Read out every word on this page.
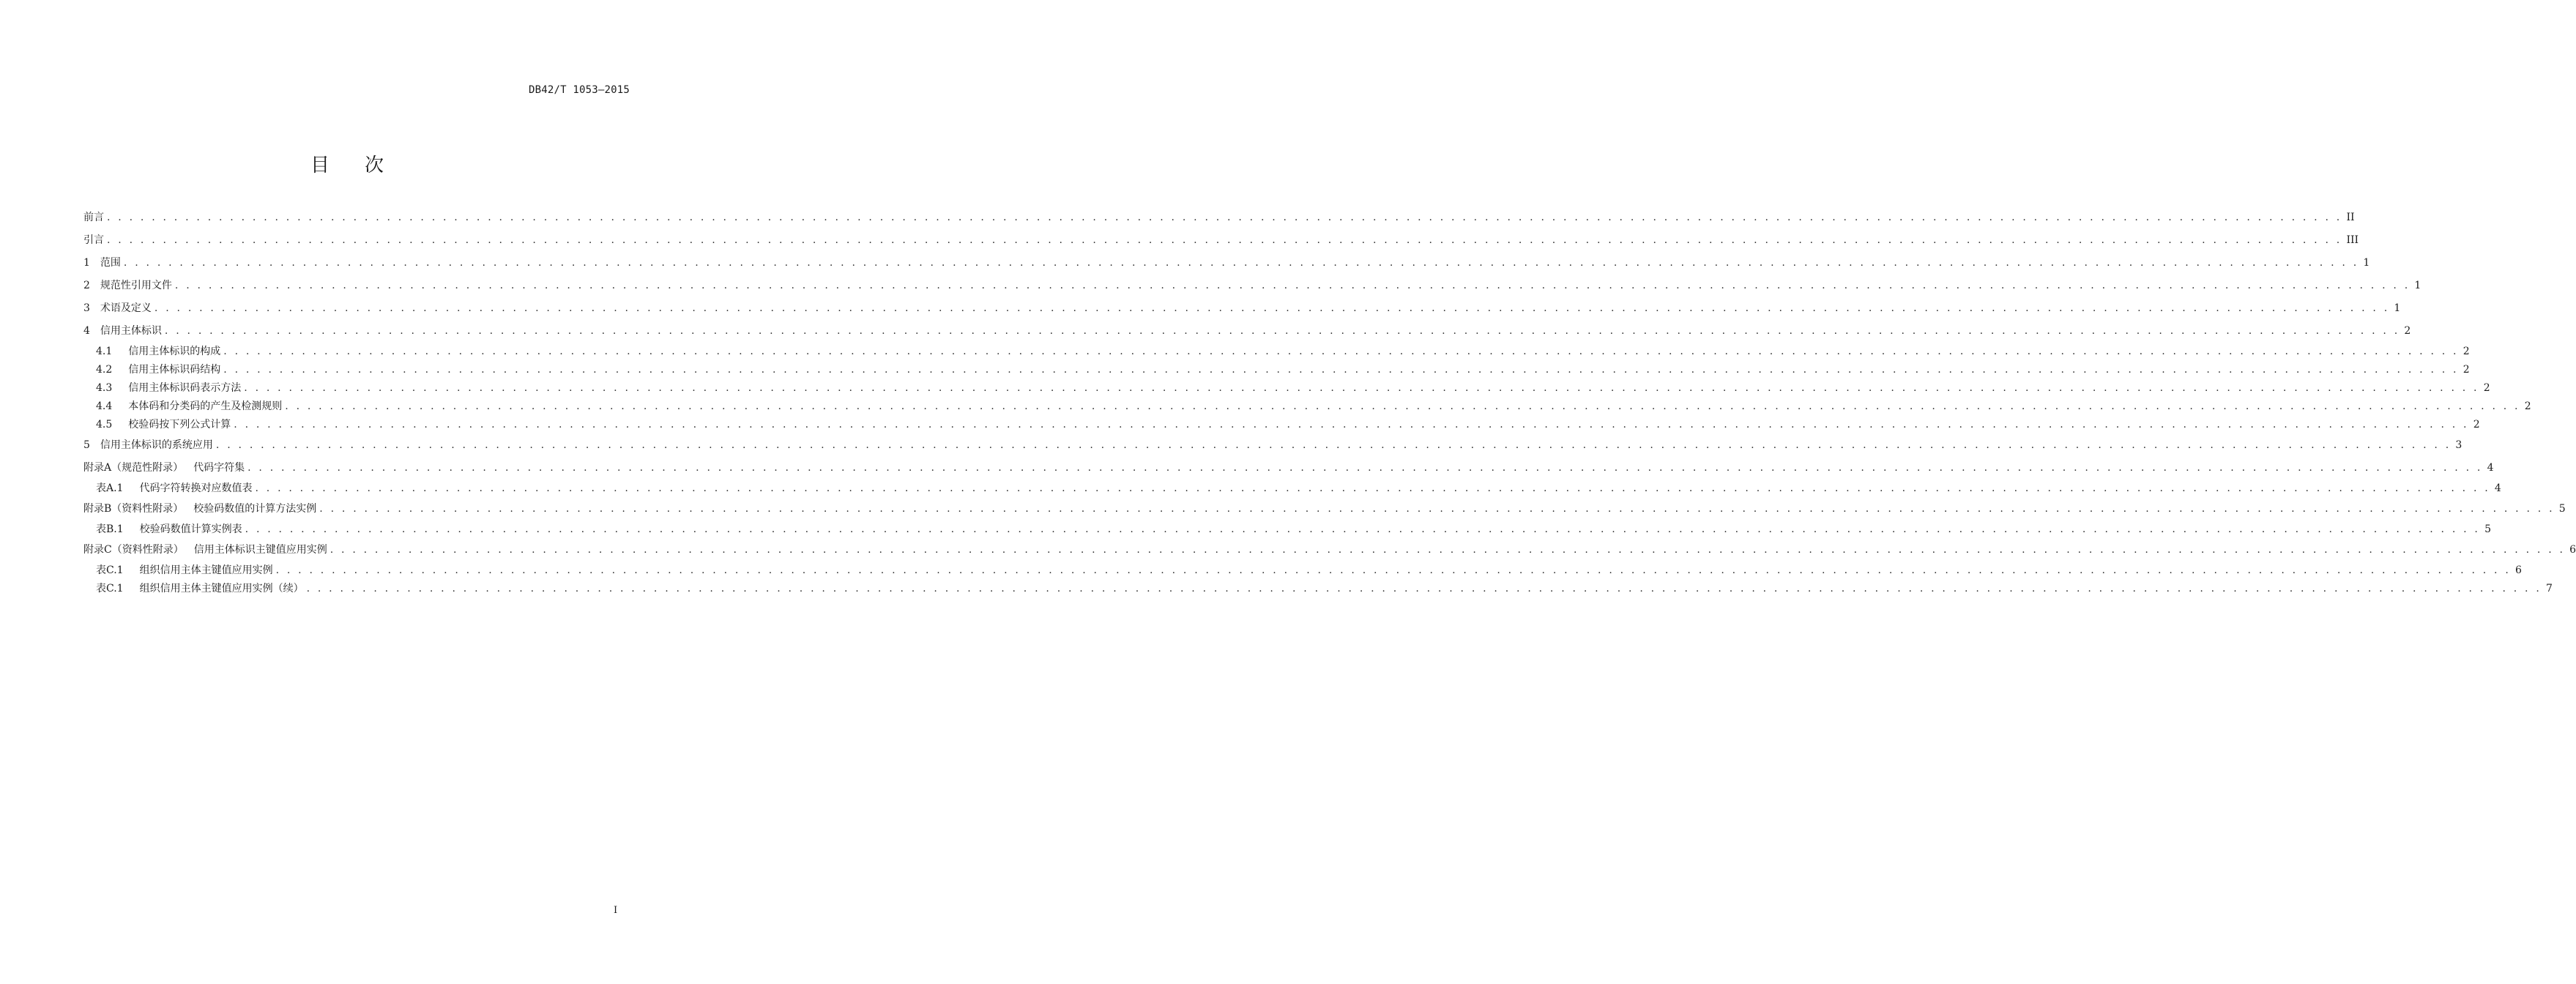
DB42/T 1053—2015
目 次
前言 . . . . . . . . . . . . . . . . . . . . . . . . . . . . . . . . . . . . . . . . . . . . . . . . . . . . . . . . . . . . . . . . . . . . . . . . . . . . . . . . . . . . . . . . . . . . . . . . . . . . . . . . . . . . . . . . . . . . . . . . . . . . . . . . . . . . . . . . . . . . . . . . . . . . . . . . . . . . . . . . . . . . . . . . . . . . . . . . . . . . . . . . . . . . . . . . . . . . . . . . II
引言 . . . . . . . . . . . . . . . . . . . . . . . . . . . . . . . . . . . . . . . . . . . . . . . . . . . . . . . . . . . . . . . . . . . . . . . . . . . . . . . . . . . . . . . . . . . . . . . . . . . . . . . . . . . . . . . . . . . . . . . . . . . . . . . . . . . . . . . . . . . . . . . . . . . . . . . . . . . . . . . . . . . . . . . . . . . . . . . . . . . . . . . . . . . . . . . . . . . . . . . . III
1 范围 . . . . . . . . . . . . . . . . . . . . . . . . . . . . . . . . . . . . . . . . . . . . . . . . . . . . . . . . . . . . . . . . . . . . . . . . . . . . . . . . . . . . . . . . . . . . . . . . . . . . . . . . . . . . . . . . . . . . . . . . . . . . . . . . . . . . . . . . . . . . . . . . . . . . . . . . . . . . . . . . . . . . . . . . . . . . . . . . . . . . . . . . . . . . . . . . . . . . . . . . 1
2 规范性引用文件 . . . . . . . . . . . . . . . . . . . . . . . . . . . . . . . . . . . . . . . . . . . . . . . . . . . . . . . . . . . . . . . . . . . . . . . . . . . . . . . . . . . . . . . . . . . . . . . . . . . . . . . . . . . . . . . . . . . . . . . . . . . . . . . . . . . . . . . . . . . . . . . . . . . . . . . . . . . . . . . . . . . . . . . . . . . . . . . . . . . . . . . . . . . . . . . . . . . . . . . . 1
3 术语及定义 . . . . . . . . . . . . . . . . . . . . . . . . . . . . . . . . . . . . . . . . . . . . . . . . . . . . . . . . . . . . . . . . . . . . . . . . . . . . . . . . . . . . . . . . . . . . . . . . . . . . . . . . . . . . . . . . . . . . . . . . . . . . . . . . . . . . . . . . . . . . . . . . . . . . . . . . . . . . . . . . . . . . . . . . . . . . . . . . . . . . . . . . . . . . . . . . . . . . . . . . 1
4 信用主体标识 . . . . . . . . . . . . . . . . . . . . . . . . . . . . . . . . . . . . . . . . . . . . . . . . . . . . . . . . . . . . . . . . . . . . . . . . . . . . . . . . . . . . . . . . . . . . . . . . . . . . . . . . . . . . . . . . . . . . . . . . . . . . . . . . . . . . . . . . . . . . . . . . . . . . . . . . . . . . . . . . . . . . . . . . . . . . . . . . . . . . . . . . . . . . . . . . . . . . . . . . 2
4.1 信用主体标识的构成 . . . . . . . . . . . . . . . . . . . . . . . . . . . . . . . . . . . . . . . . . . . . . . . . . . . . . . . . . . . . . . . . . . . . . . . . . . . . . . . . . . . . . . . . . . . . . . . . . . . . . . . . . . . . . . . . . . . . . . . . . . . . . . . . . . . . . . . . . . . . . . . . . . . . . . . . . . . . . . . . . . . . . . . . . . . . . . . . . . . . . . . . . . . . . . . . . . . . . . . . 2
4.2 信用主体标识码结构 . . . . . . . . . . . . . . . . . . . . . . . . . . . . . . . . . . . . . . . . . . . . . . . . . . . . . . . . . . . . . . . . . . . . . . . . . . . . . . . . . . . . . . . . . . . . . . . . . . . . . . . . . . . . . . . . . . . . . . . . . . . . . . . . . . . . . . . . . . . . . . . . . . . . . . . . . . . . . . . . . . . . . . . . . . . . . . . . . . . . . . . . . . . . . . . . . . . . . . . . 2
4.3 信用主体标识码表示方法 . . . . . . . . . . . . . . . . . . . . . . . . . . . . . . . . . . . . . . . . . . . . . . . . . . . . . . . . . . . . . . . . . . . . . . . . . . . . . . . . . . . . . . . . . . . . . . . . . . . . . . . . . . . . . . . . . . . . . . . . . . . . . . . . . . . . . . . . . . . . . . . . . . . . . . . . . . . . . . . . . . . . . . . . . . . . . . . . . . . . . . . . . . . . . . . . . . . . . . . . 2
4.4 本体码和分类码的产生及检测规则 . . . . . . . . . . . . . . . . . . . . . . . . . . . . . . . . . . . . . . . . . . . . . . . . . . . . . . . . . . . . . . . . . . . . . . . . . . . . . . . . . . . . . . . . . . . . . . . . . . . . . . . . . . . . . . . . . . . . . . . . . . . . . . . . . . . . . . . . . . . . . . . . . . . . . . . . . . . . . . . . . . . . . . . . . . . . . . . . . . . . . . . . . . . . . . . . . . . . . . . . 2
4.5 校验码按下列公式计算 . . . . . . . . . . . . . . . . . . . . . . . . . . . . . . . . . . . . . . . . . . . . . . . . . . . . . . . . . . . . . . . . . . . . . . . . . . . . . . . . . . . . . . . . . . . . . . . . . . . . . . . . . . . . . . . . . . . . . . . . . . . . . . . . . . . . . . . . . . . . . . . . . . . . . . . . . . . . . . . . . . . . . . . . . . . . . . . . . . . . . . . . . . . . . . . . . . . . . . . . 2
5 信用主体标识的系统应用 . . . . . . . . . . . . . . . . . . . . . . . . . . . . . . . . . . . . . . . . . . . . . . . . . . . . . . . . . . . . . . . . . . . . . . . . . . . . . . . . . . . . . . . . . . . . . . . . . . . . . . . . . . . . . . . . . . . . . . . . . . . . . . . . . . . . . . . . . . . . . . . . . . . . . . . . . . . . . . . . . . . . . . . . . . . . . . . . . . . . . . . . . . . . . . . . . . . . . . . . 3
附录A（规范性附录） 代码字符集 . . . . . . . . . . . . . . . . . . . . . . . . . . . . . . . . . . . . . . . . . . . . . . . . . . . . . . . . . . . . . . . . . . . . . . . . . . . . . . . . . . . . . . . . . . . . . . . . . . . . . . . . . . . . . . . . . . . . . . . . . . . . . . . . . . . . . . . . . . . . . . . . . . . . . . . . . . . . . . . . . . . . . . . . . . . . . . . . . . . . . . . . . . . . . . . . . . . . . . . . 4
表A.1 代码字符转换对应数值表 . . . . . . . . . . . . . . . . . . . . . . . . . . . . . . . . . . . . . . . . . . . . . . . . . . . . . . . . . . . . . . . . . . . . . . . . . . . . . . . . . . . . . . . . . . . . . . . . . . . . . . . . . . . . . . . . . . . . . . . . . . . . . . . . . . . . . . . . . . . . . . . . . . . . . . . . . . . . . . . . . . . . . . . . . . . . . . . . . . . . . . . . . . . . . . . . . . . . . . . . 4
附录B（资料性附录） 校验码数值的计算方法实例 . . . . . . . . . . . . . . . . . . . . . . . . . . . . . . . . . . . . . . . . . . . . . . . . . . . . . . . . . . . . . . . . . . . . . . . . . . . . . . . . . . . . . . . . . . . . . . . . . . . . . . . . . . . . . . . . . . . . . . . . . . . . . . . . . . . . . . . . . . . . . . . . . . . . . . . . . . . . . . . . . . . . . . . . . . . . . . . . . . . . . . . . . . . . . . . . . . . . . . . . 5
表B.1 校验码数值计算实例表 . . . . . . . . . . . . . . . . . . . . . . . . . . . . . . . . . . . . . . . . . . . . . . . . . . . . . . . . . . . . . . . . . . . . . . . . . . . . . . . . . . . . . . . . . . . . . . . . . . . . . . . . . . . . . . . . . . . . . . . . . . . . . . . . . . . . . . . . . . . . . . . . . . . . . . . . . . . . . . . . . . . . . . . . . . . . . . . . . . . . . . . . . . . . . . . . . . . . . . . . 5
附录C（资料性附录） 信用主体标识主键值应用实例 . . . . . . . . . . . . . . . . . . . . . . . . . . . . . . . . . . . . . . . . . . . . . . . . . . . . . . . . . . . . . . . . . . . . . . . . . . . . . . . . . . . . . . . . . . . . . . . . . . . . . . . . . . . . . . . . . . . . . . . . . . . . . . . . . . . . . . . . . . . . . . . . . . . . . . . . . . . . . . . . . . . . . . . . . . . . . . . . . . . . . . . . . . . . . . . . . . . . . . . . 6
表C.1 组织信用主体主键值应用实例 . . . . . . . . . . . . . . . . . . . . . . . . . . . . . . . . . . . . . . . . . . . . . . . . . . . . . . . . . . . . . . . . . . . . . . . . . . . . . . . . . . . . . . . . . . . . . . . . . . . . . . . . . . . . . . . . . . . . . . . . . . . . . . . . . . . . . . . . . . . . . . . . . . . . . . . . . . . . . . . . . . . . . . . . . . . . . . . . . . . . . . . . . . . . . . . . . . . . . . . . 6
表C.1 组织信用主体主键值应用实例（续） . . . . . . . . . . . . . . . . . . . . . . . . . . . . . . . . . . . . . . . . . . . . . . . . . . . . . . . . . . . . . . . . . . . . . . . . . . . . . . . . . . . . . . . . . . . . . . . . . . . . . . . . . . . . . . . . . . . . . . . . . . . . . . . . . . . . . . . . . . . . . . . . . . . . . . . . . . . . . . . . . . . . . . . . . . . . . . . . . . . . . . . . . . . . . . . . . . . . . . . . 7
I
